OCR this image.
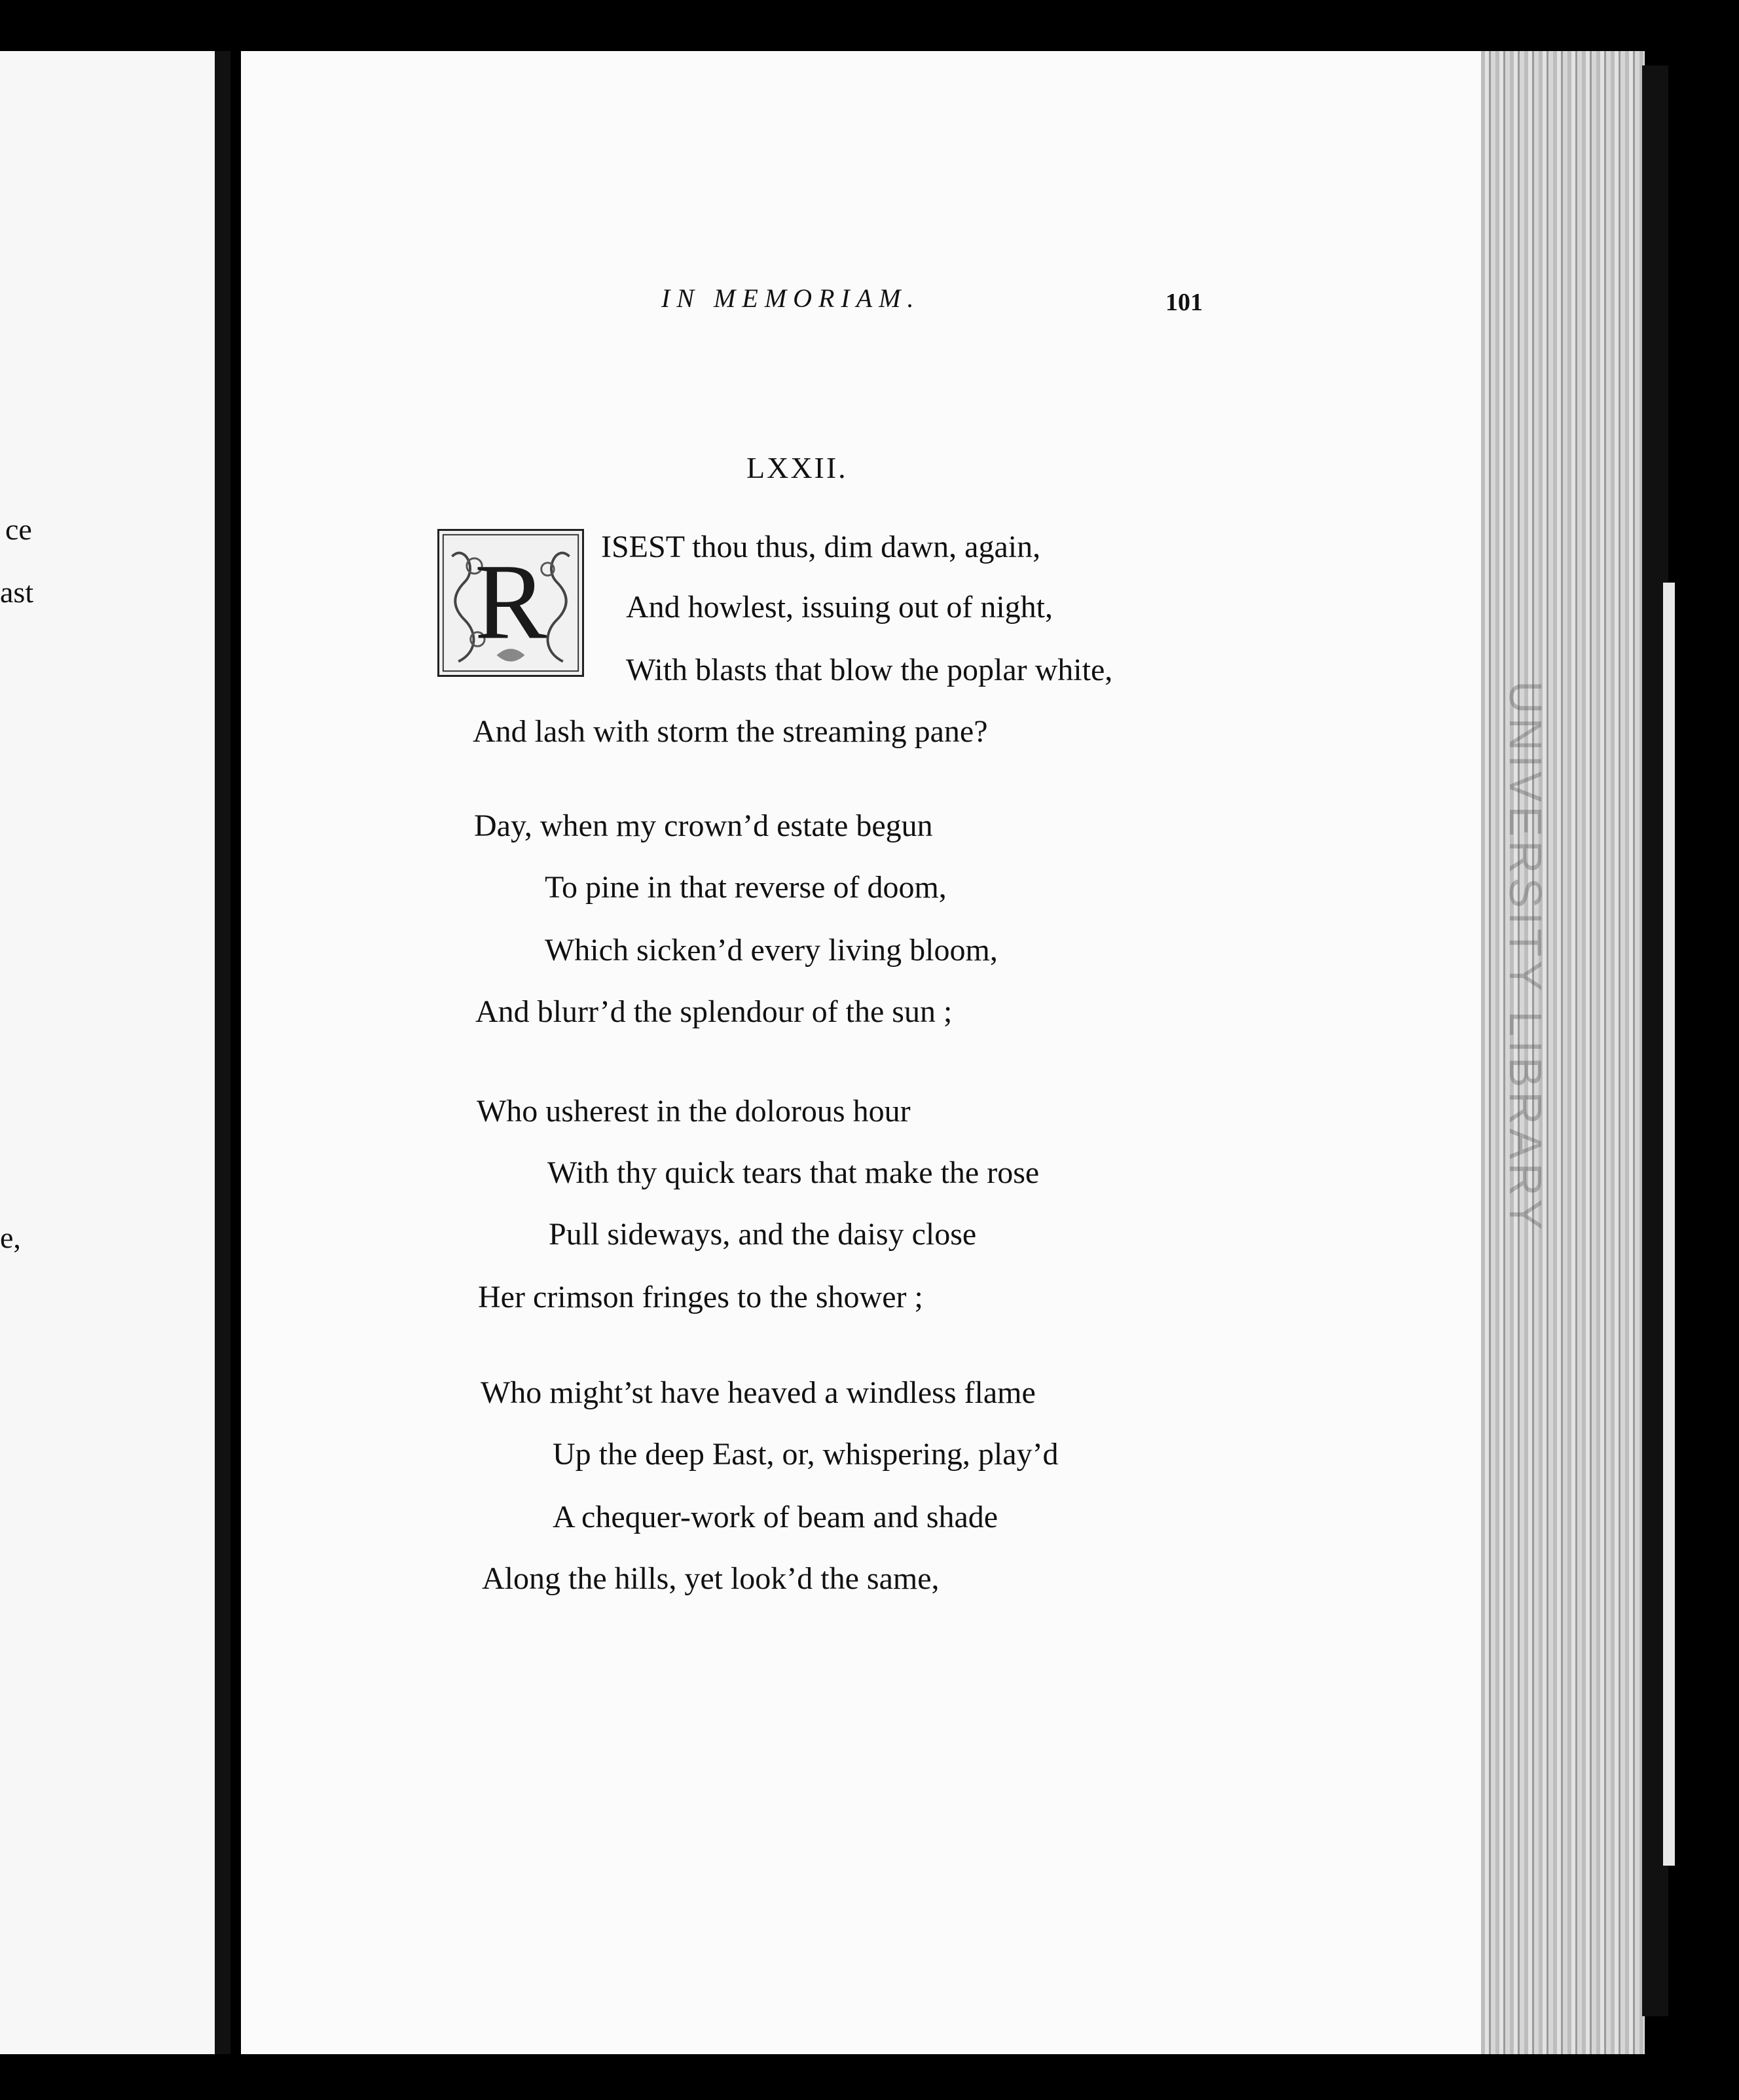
ce
ast
e,
UNIVERSITY LIBRARY
IN MEMORIAM.	101
LXXII.
R ISEST thou thus, dim dawn, again,
And howlest, issuing out of night,
With blasts that blow the poplar white,
And lash with storm the streaming pane?
Day, when my crown’d estate begun
To pine in that reverse of doom,
Which sicken’d every living bloom,
And blurr’d the splendour of the sun ;
Who usherest in the dolorous hour
With thy quick tears that make the rose
Pull sideways, and the daisy close
Her crimson fringes to the shower ;
Who might’st have heaved a windless flame
Up the deep East, or, whispering, play’d
A chequer-work of beam and shade
Along the hills, yet look’d the same,
